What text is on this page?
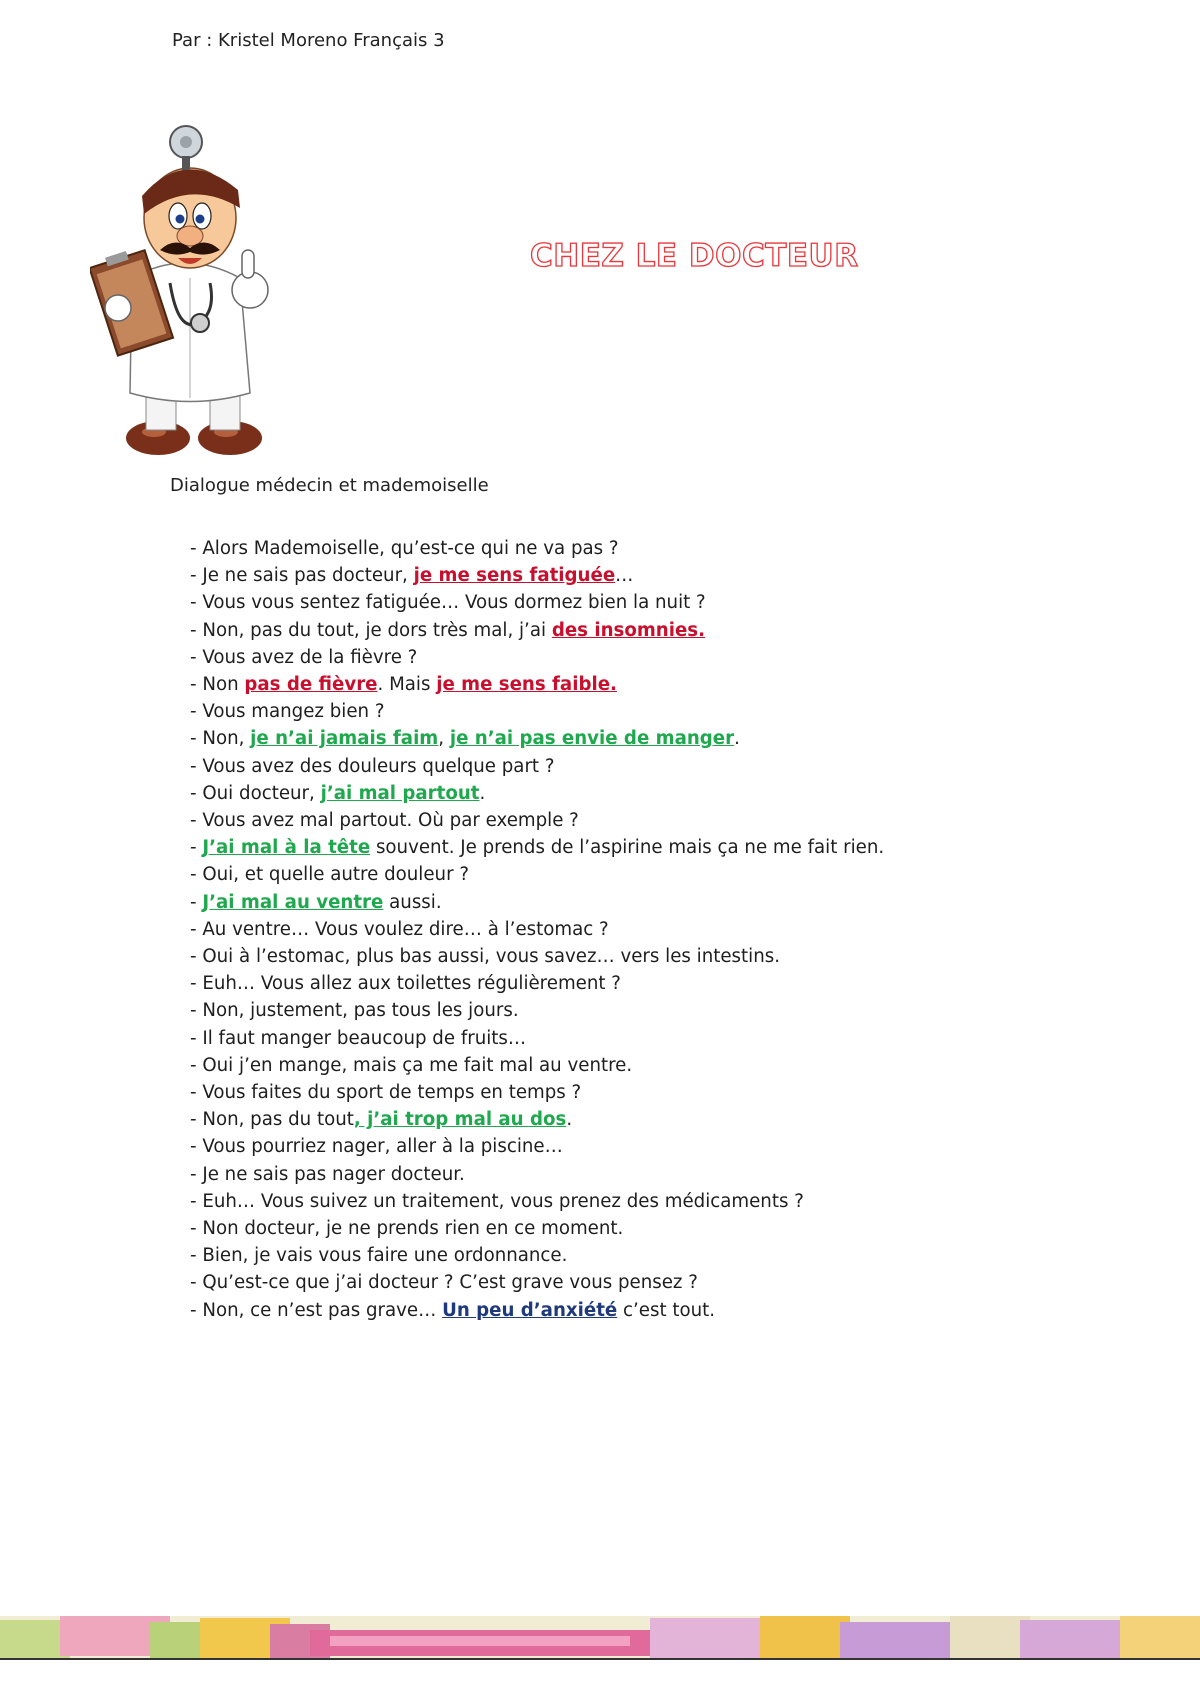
Par : Kristel Moreno Français 3
CHEZ LE DOCTEUR
Dialogue médecin et mademoiselle
- Alors Mademoiselle, qu’est-ce qui ne va pas ?
- Je ne sais pas docteur, je me sens fatiguée…
- Vous vous sentez fatiguée… Vous dormez bien la nuit ?
- Non, pas du tout, je dors très mal, j’ai des insomnies.
- Vous avez de la fièvre ?
- Non pas de fièvre. Mais je me sens faible.
- Vous mangez bien ?
- Non, je n’ai jamais faim, je n’ai pas envie de manger.
- Vous avez des douleurs quelque part ?
- Oui docteur, j’ai mal partout.
- Vous avez mal partout. Où par exemple ?
- J’ai mal à la tête souvent. Je prends de l’aspirine mais ça ne me fait rien.
- Oui, et quelle autre douleur ?
- J’ai mal au ventre aussi.
- Au ventre… Vous voulez dire… à l’estomac ?
- Oui à l’estomac, plus bas aussi, vous savez… vers les intestins.
- Euh… Vous allez aux toilettes régulièrement ?
- Non, justement, pas tous les jours.
- Il faut manger beaucoup de fruits…
- Oui j’en mange, mais ça me fait mal au ventre.
- Vous faites du sport de temps en temps ?
- Non, pas du tout, j’ai trop mal au dos.
- Vous pourriez nager, aller à la piscine…
- Je ne sais pas nager docteur.
- Euh… Vous suivez un traitement, vous prenez des médicaments ?
- Non docteur, je ne prends rien en ce moment.
- Bien, je vais vous faire une ordonnance.
- Qu’est-ce que j’ai docteur ? C’est grave vous pensez ?
- Non, ce n’est pas grave… Un peu d’anxiété c’est tout.
